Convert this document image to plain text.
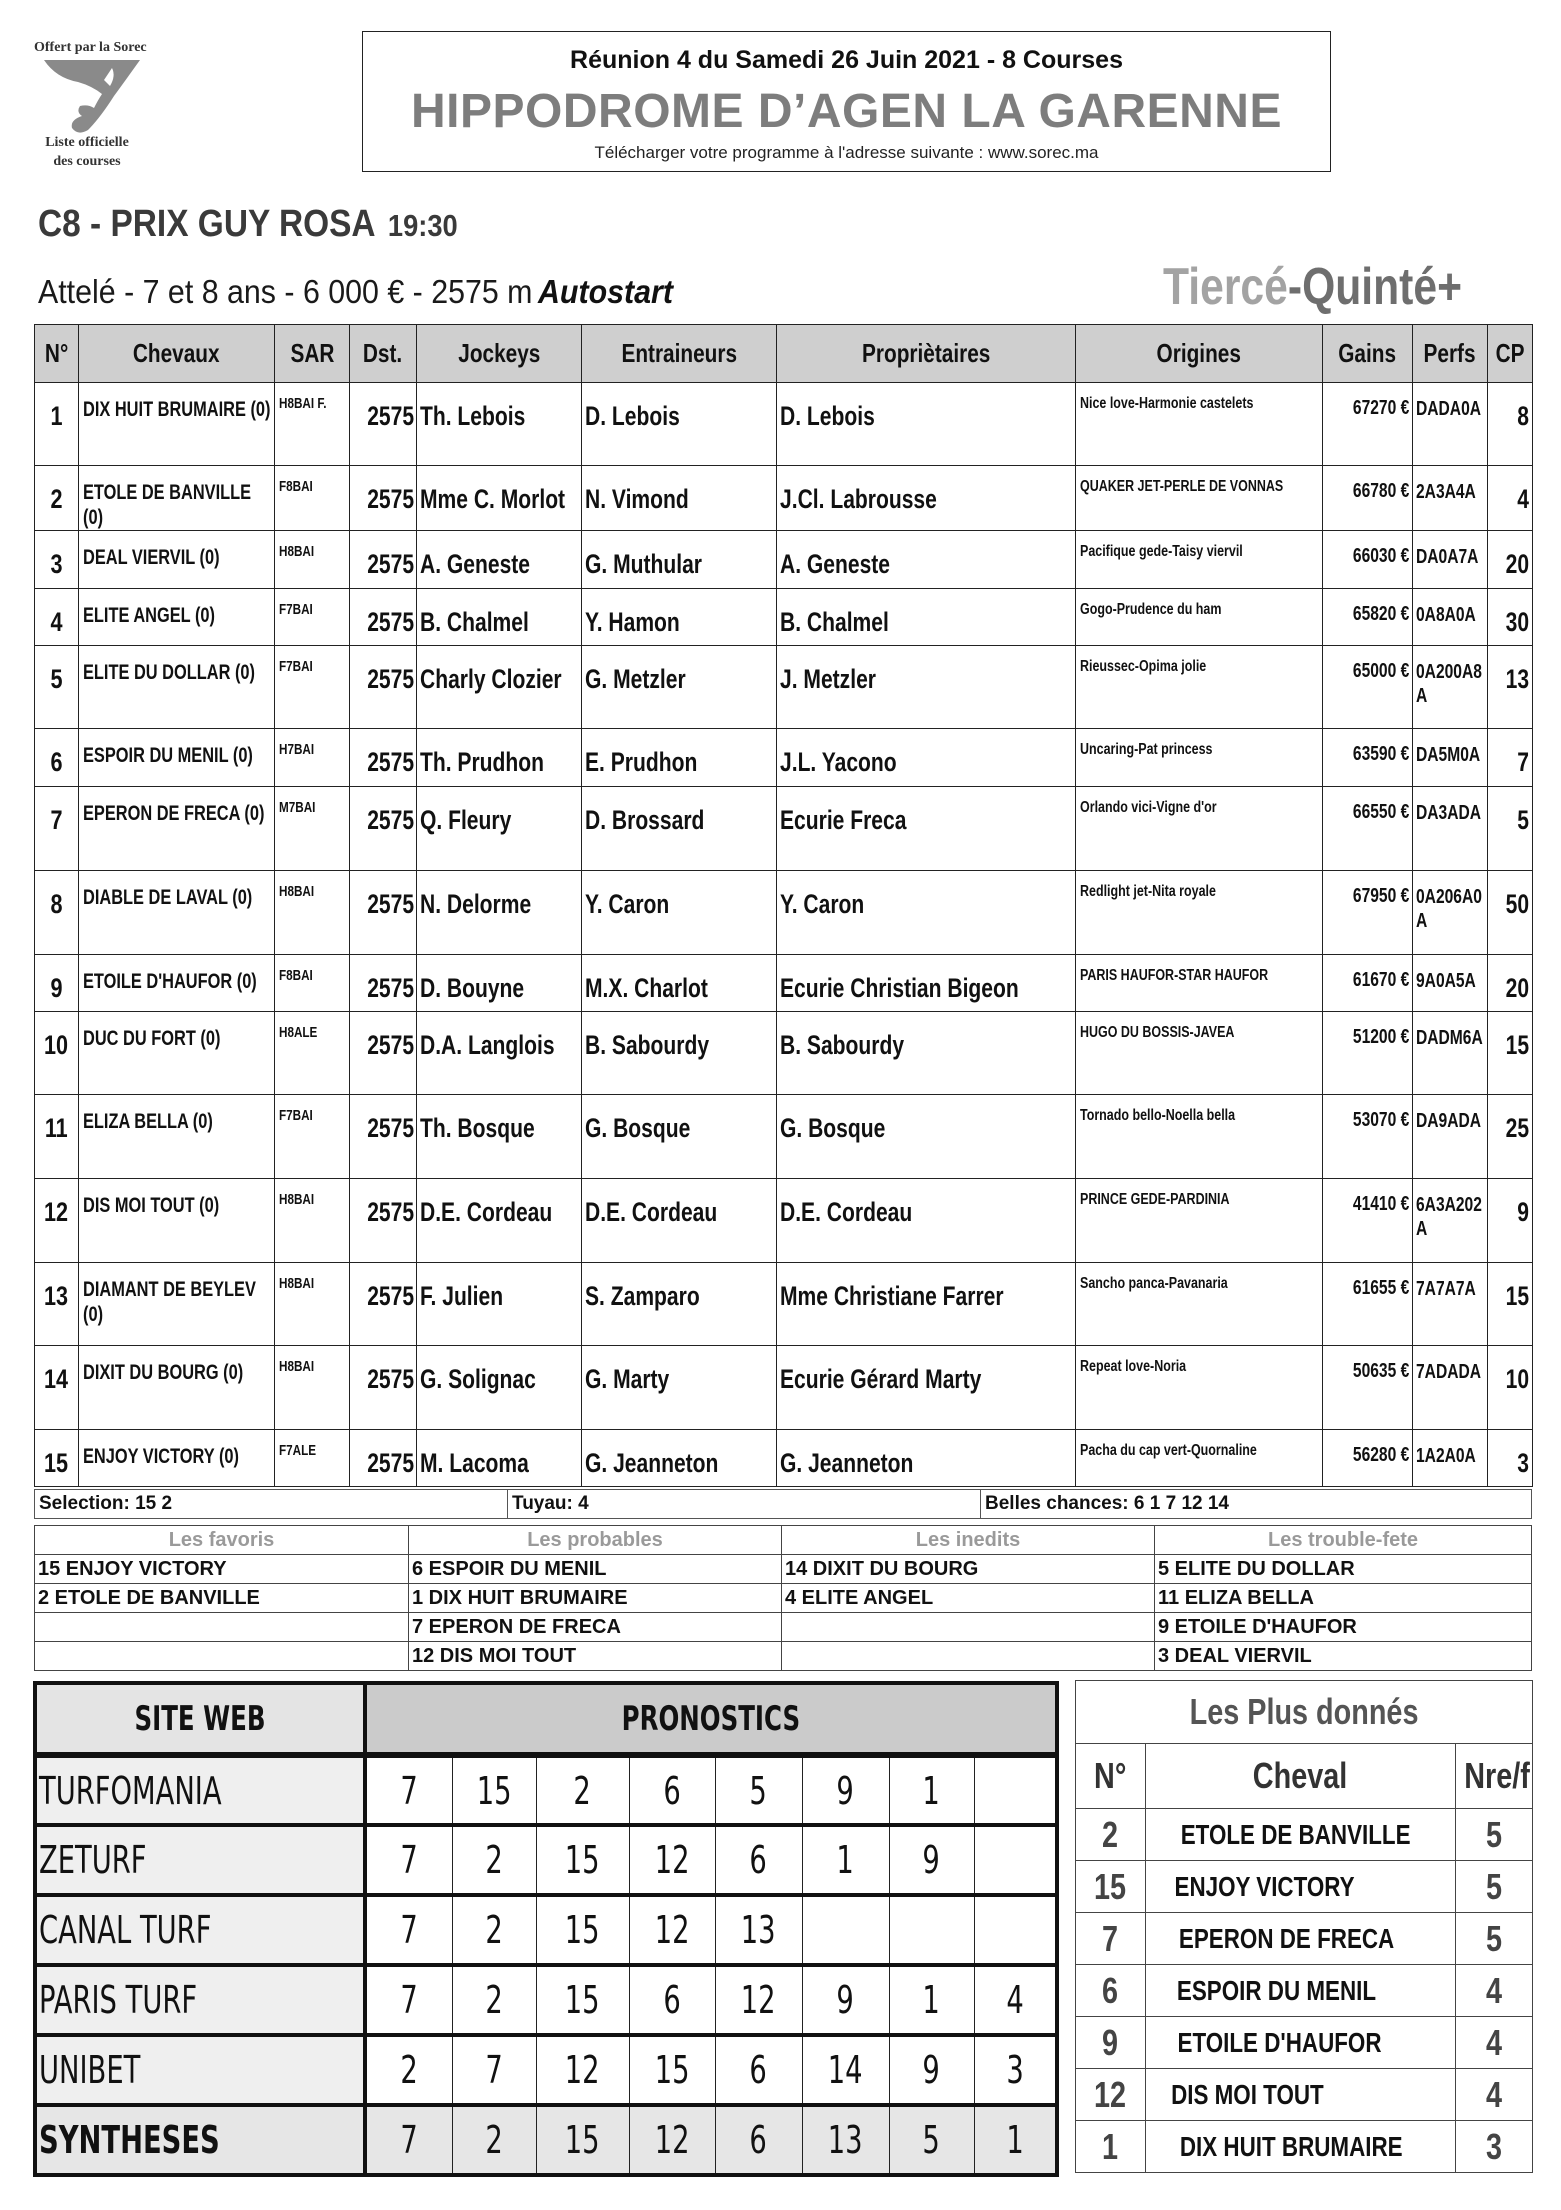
Offert par la Sorec
Liste officielle
des courses
Réunion 4 du Samedi 26 Juin 2021 - 8 Courses
HIPPODROME D’AGEN LA GARENNE
Télécharger votre programme à l'adresse suivante : www.sorec.ma
C8 - PRIX GUY ROSA 19:30
Attelé - 7 et 8 ans - 6 000 € - 2575 m Autostart	Tiercé-Quinté+
N°	Chevaux	SAR	Dst.	Jockeys	Entraineurs	Propriètaires	Origines	Gains	Perfs	CP
1	DIX HUIT BRUMAIRE (0)	H8BAI F.	2575	Th. Lebois	D. Lebois	D. Lebois	Nice love-Harmonie castelets	67270 €	DADA0A	8
2	ETOLE DE BANVILLE (0)	F8BAI	2575	Mme C. Morlot	N. Vimond	J.Cl. Labrousse	QUAKER JET-PERLE DE VONNAS	66780 €	2A3A4A	4
3	DEAL VIERVIL (0)	H8BAI	2575	A. Geneste	G. Muthular	A. Geneste	Pacifique gede-Taisy viervil	66030 €	DA0A7A	20
4	ELITE ANGEL (0)	F7BAI	2575	B. Chalmel	Y. Hamon	B. Chalmel	Gogo-Prudence du ham	65820 €	0A8A0A	30
5	ELITE DU DOLLAR (0)	F7BAI	2575	Charly Clozier	G. Metzler	J. Metzler	Rieussec-Opima jolie	65000 €	0A200A8A	13
6	ESPOIR DU MENIL (0)	H7BAI	2575	Th. Prudhon	E. Prudhon	J.L. Yacono	Uncaring-Pat princess	63590 €	DA5M0A	7
7	EPERON DE FRECA (0)	M7BAI	2575	Q. Fleury	D. Brossard	Ecurie Freca	Orlando vici-Vigne d'or	66550 €	DA3ADA	5
8	DIABLE DE LAVAL (0)	H8BAI	2575	N. Delorme	Y. Caron	Y. Caron	Redlight jet-Nita royale	67950 €	0A206A0A	50
9	ETOILE D'HAUFOR (0)	F8BAI	2575	D. Bouyne	M.X. Charlot	Ecurie Christian Bigeon	PARIS HAUFOR-STAR HAUFOR	61670 €	9A0A5A	20
10	DUC DU FORT (0)	H8ALE	2575	D.A. Langlois	B. Sabourdy	B. Sabourdy	HUGO DU BOSSIS-JAVEA	51200 €	DADM6A	15
11	ELIZA BELLA (0)	F7BAI	2575	Th. Bosque	G. Bosque	G. Bosque	Tornado bello-Noella bella	53070 €	DA9ADA	25
12	DIS MOI TOUT (0)	H8BAI	2575	D.E. Cordeau	D.E. Cordeau	D.E. Cordeau	PRINCE GEDE-PARDINIA	41410 €	6A3A202A	9
13	DIAMANT DE BEYLEV (0)	H8BAI	2575	F. Julien	S. Zamparo	Mme Christiane Farrer	Sancho panca-Pavanaria	61655 €	7A7A7A	15
14	DIXIT DU BOURG (0)	H8BAI	2575	G. Solignac	G. Marty	Ecurie Gérard Marty	Repeat love-Noria	50635 €	7ADADA	10
15	ENJOY VICTORY (0)	F7ALE	2575	M. Lacoma	G. Jeanneton	G. Jeanneton	Pacha du cap vert-Quornaline	56280 €	1A2A0A	3
Selection: 15 2	Tuyau: 4	Belles chances: 6 1 7 12 14
Les favoris	Les probables	Les inedits	Les trouble-fete
15 ENJOY VICTORY	6 ESPOIR DU MENIL	14 DIXIT DU BOURG	5 ELITE DU DOLLAR
2 ETOLE DE BANVILLE	1 DIX HUIT BRUMAIRE	4 ELITE ANGEL	11 ELIZA BELLA
	7 EPERON DE FRECA		9 ETOILE D'HAUFOR
	12 DIS MOI TOUT		3 DEAL VIERVIL
SITE WEB	PRONOSTICS							
TURFOMANIA	7	15	2	6	5	9	1	
ZETURF	7	2	15	12	6	1	9	
CANAL TURF	7	2	15	12	13			
PARIS TURF	7	2	15	6	12	9	1	4
UNIBET	2	7	12	15	6	14	9	3
SYNTHESES	7	2	15	12	6	13	5	1
Les Plus donnés		
N°	Cheval	Nre/f
2	ETOLE DE BANVILLE	5
15	ENJOY VICTORY	5
7	EPERON DE FRECA	5
6	ESPOIR DU MENIL	4
9	ETOILE D'HAUFOR	4
12	DIS MOI TOUT	4
1	DIX HUIT BRUMAIRE	3
